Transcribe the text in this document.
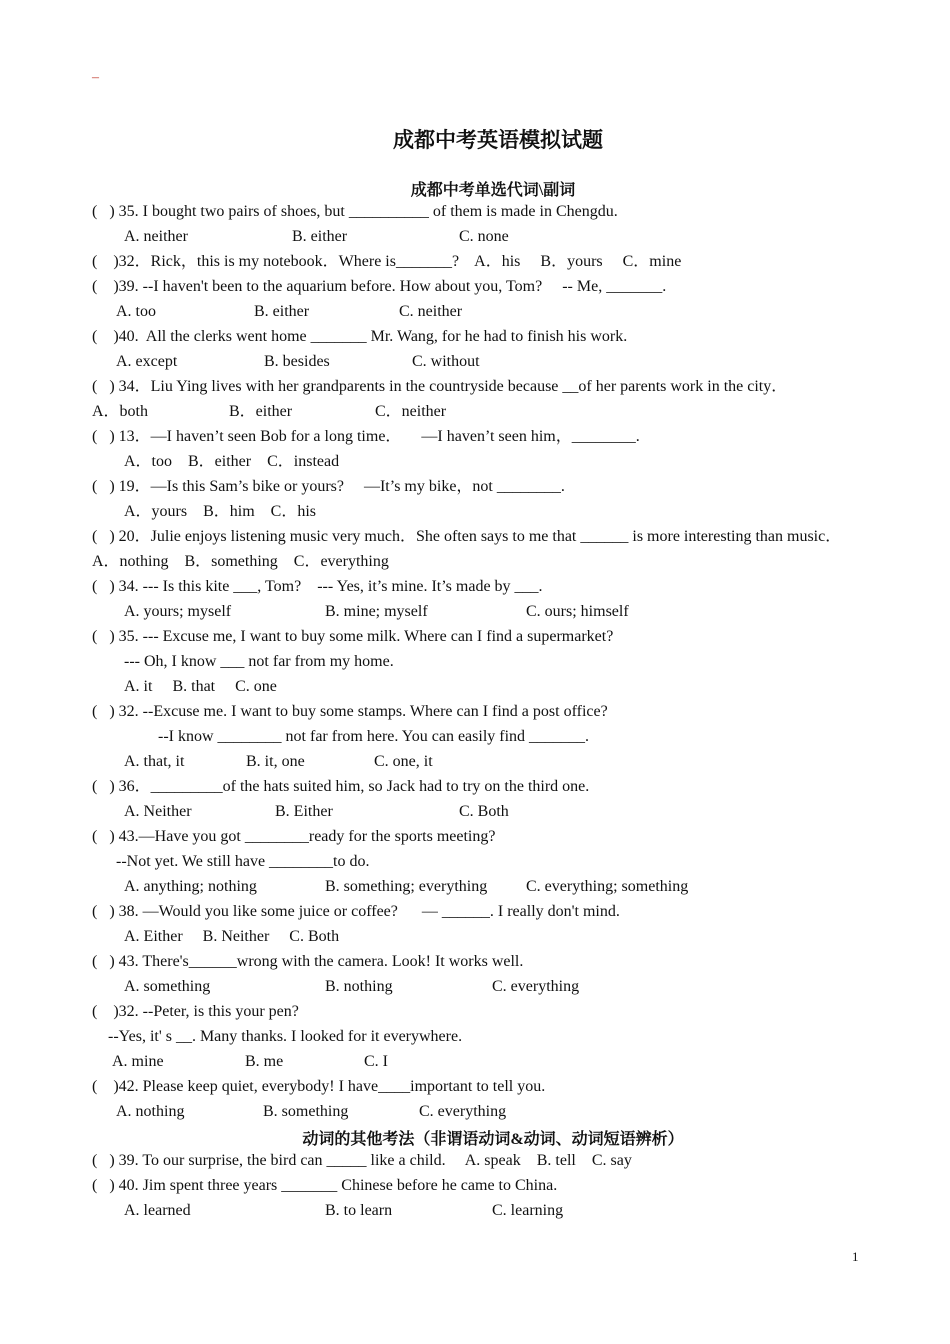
–
成都中考英语模拟试题
成都中考单选代词\副词
(   ) 35. I bought two pairs of shoes, but __________ of them is made in Chengdu.
A. neither	B. either	C. none
(    )32．Rick，this is my notebook．Where is_______?    A．his     B．yours     C．mine
(    )39. --I haven't been to the aquarium before. How about you, Tom?     -- Me, _______.
A. too	B. either	C. neither
(    )40.  All the clerks went home _______ Mr. Wang, for he had to finish his work.
A. except	B. besides	C. without
(   ) 34．Liu Ying lives with her grandparents in the countryside because __of her parents work in the city．
A．both	B．either	C．neither
(   ) 13．—I haven’t seen Bob for a long time．     —I haven’t seen him，________.
A．too    B．either    C．instead
(   ) 19．—Is this Sam’s bike or yours?     —It’s my bike，not ________.
A．yours    B．him    C．his
(   ) 20．Julie enjoys listening music very much．She often says to me that ______ is more interesting than music．
A．nothing    B．something    C．everything
(   ) 34. --- Is this kite ___, Tom?    --- Yes, it’s mine. It’s made by ___.
A. yours; myself	B. mine; myself	C. ours; himself
(   ) 35. --- Excuse me, I want to buy some milk. Where can I find a supermarket?
--- Oh, I know ___ not far from my home.
A. it     B. that     C. one
(   ) 32. --Excuse me. I want to buy some stamps. Where can I find a post office?
--I know ________ not far from here. You can easily find _______.
A. that, it	B. it, one	C. one, it
(   ) 36．_________of the hats suited him, so Jack had to try on the third one.
A. Neither	B. Either	C. Both
(   ) 43.—Have you got ________ready for the sports meeting?
--Not yet. We still have ________to do.
A. anything; nothing	B. something; everything C. everything; something
(   ) 38. —Would you like some juice or coffee?      — ______. I really don't mind.
A. Either     B. Neither     C. Both
(   ) 43. There's______wrong with the camera. Look! It works well.
A. something	B. nothing	C. everything
(    )32. --Peter, is this your pen?
--Yes, it' s __. Many thanks. I looked for it everywhere.
A. mine	B. me	C. I
(    )42. Please keep quiet, everybody! I have____important to tell you.
A. nothing	B. something	C. everything
动词的其他考法（非谓语动词&动词、动词短语辨析）
(   ) 39. To our surprise, the bird can _____ like a child.     A. speak    B. tell    C. say
(   ) 40. Jim spent three years _______ Chinese before he came to China.
A. learned	B. to learn	C. learning
1
